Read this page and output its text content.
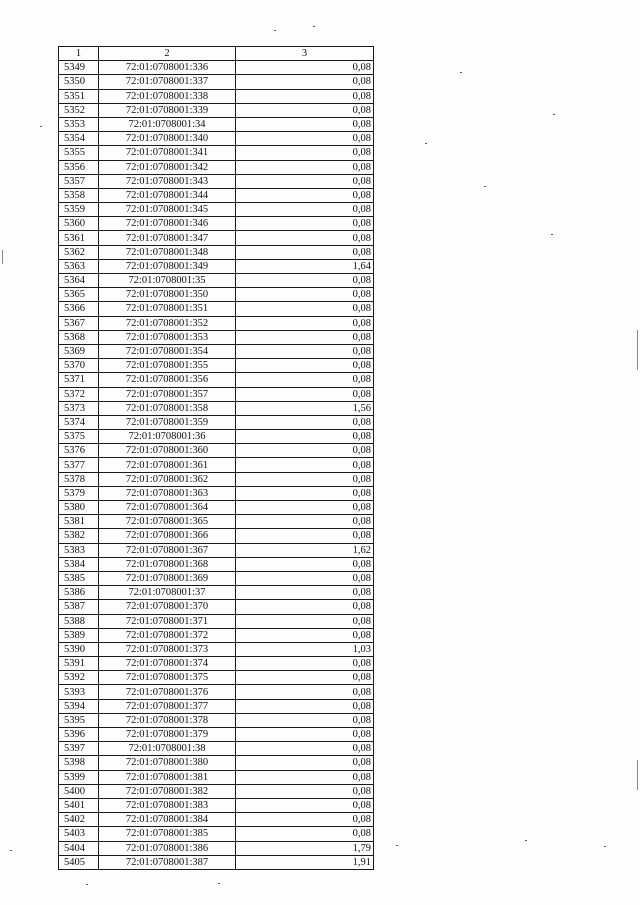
1	2	3
5349	72:01:0708001:336	0,08
5350	72:01:0708001:337	0,08
5351	72:01:0708001:338	0,08
5352	72:01:0708001:339	0,08
5353	72:01:0708001:34	0,08
5354	72:01:0708001:340	0,08
5355	72:01:0708001:341	0,08
5356	72:01:0708001:342	0,08
5357	72:01:0708001:343	0,08
5358	72:01:0708001:344	0,08
5359	72:01:0708001:345	0,08
5360	72:01:0708001:346	0,08
5361	72:01:0708001:347	0,08
5362	72:01:0708001:348	0,08
5363	72:01:0708001:349	1,64
5364	72:01:0708001:35	0,08
5365	72:01:0708001:350	0,08
5366	72:01:0708001:351	0,08
5367	72:01:0708001:352	0,08
5368	72:01:0708001:353	0,08
5369	72:01:0708001:354	0,08
5370	72:01:0708001:355	0,08
5371	72:01:0708001:356	0,08
5372	72:01:0708001:357	0,08
5373	72:01:0708001:358	1,56
5374	72:01:0708001:359	0,08
5375	72:01:0708001:36	0,08
5376	72:01:0708001:360	0,08
5377	72:01:0708001:361	0,08
5378	72:01:0708001:362	0,08
5379	72:01:0708001:363	0,08
5380	72:01:0708001:364	0,08
5381	72:01:0708001:365	0,08
5382	72:01:0708001:366	0,08
5383	72:01:0708001:367	1,62
5384	72:01:0708001:368	0,08
5385	72:01:0708001:369	0,08
5386	72:01:0708001:37	0,08
5387	72:01:0708001:370	0,08
5388	72:01:0708001:371	0,08
5389	72:01:0708001:372	0,08
5390	72:01:0708001:373	1,03
5391	72:01:0708001:374	0,08
5392	72:01:0708001:375	0,08
5393	72:01:0708001:376	0,08
5394	72:01:0708001:377	0,08
5395	72:01:0708001:378	0,08
5396	72:01:0708001:379	0,08
5397	72:01:0708001:38	0,08
5398	72:01:0708001:380	0,08
5399	72:01:0708001:381	0,08
5400	72:01:0708001:382	0,08
5401	72:01:0708001:383	0,08
5402	72:01:0708001:384	0,08
5403	72:01:0708001:385	0,08
5404	72:01:0708001:386	1,79
5405	72:01:0708001:387	1,91
